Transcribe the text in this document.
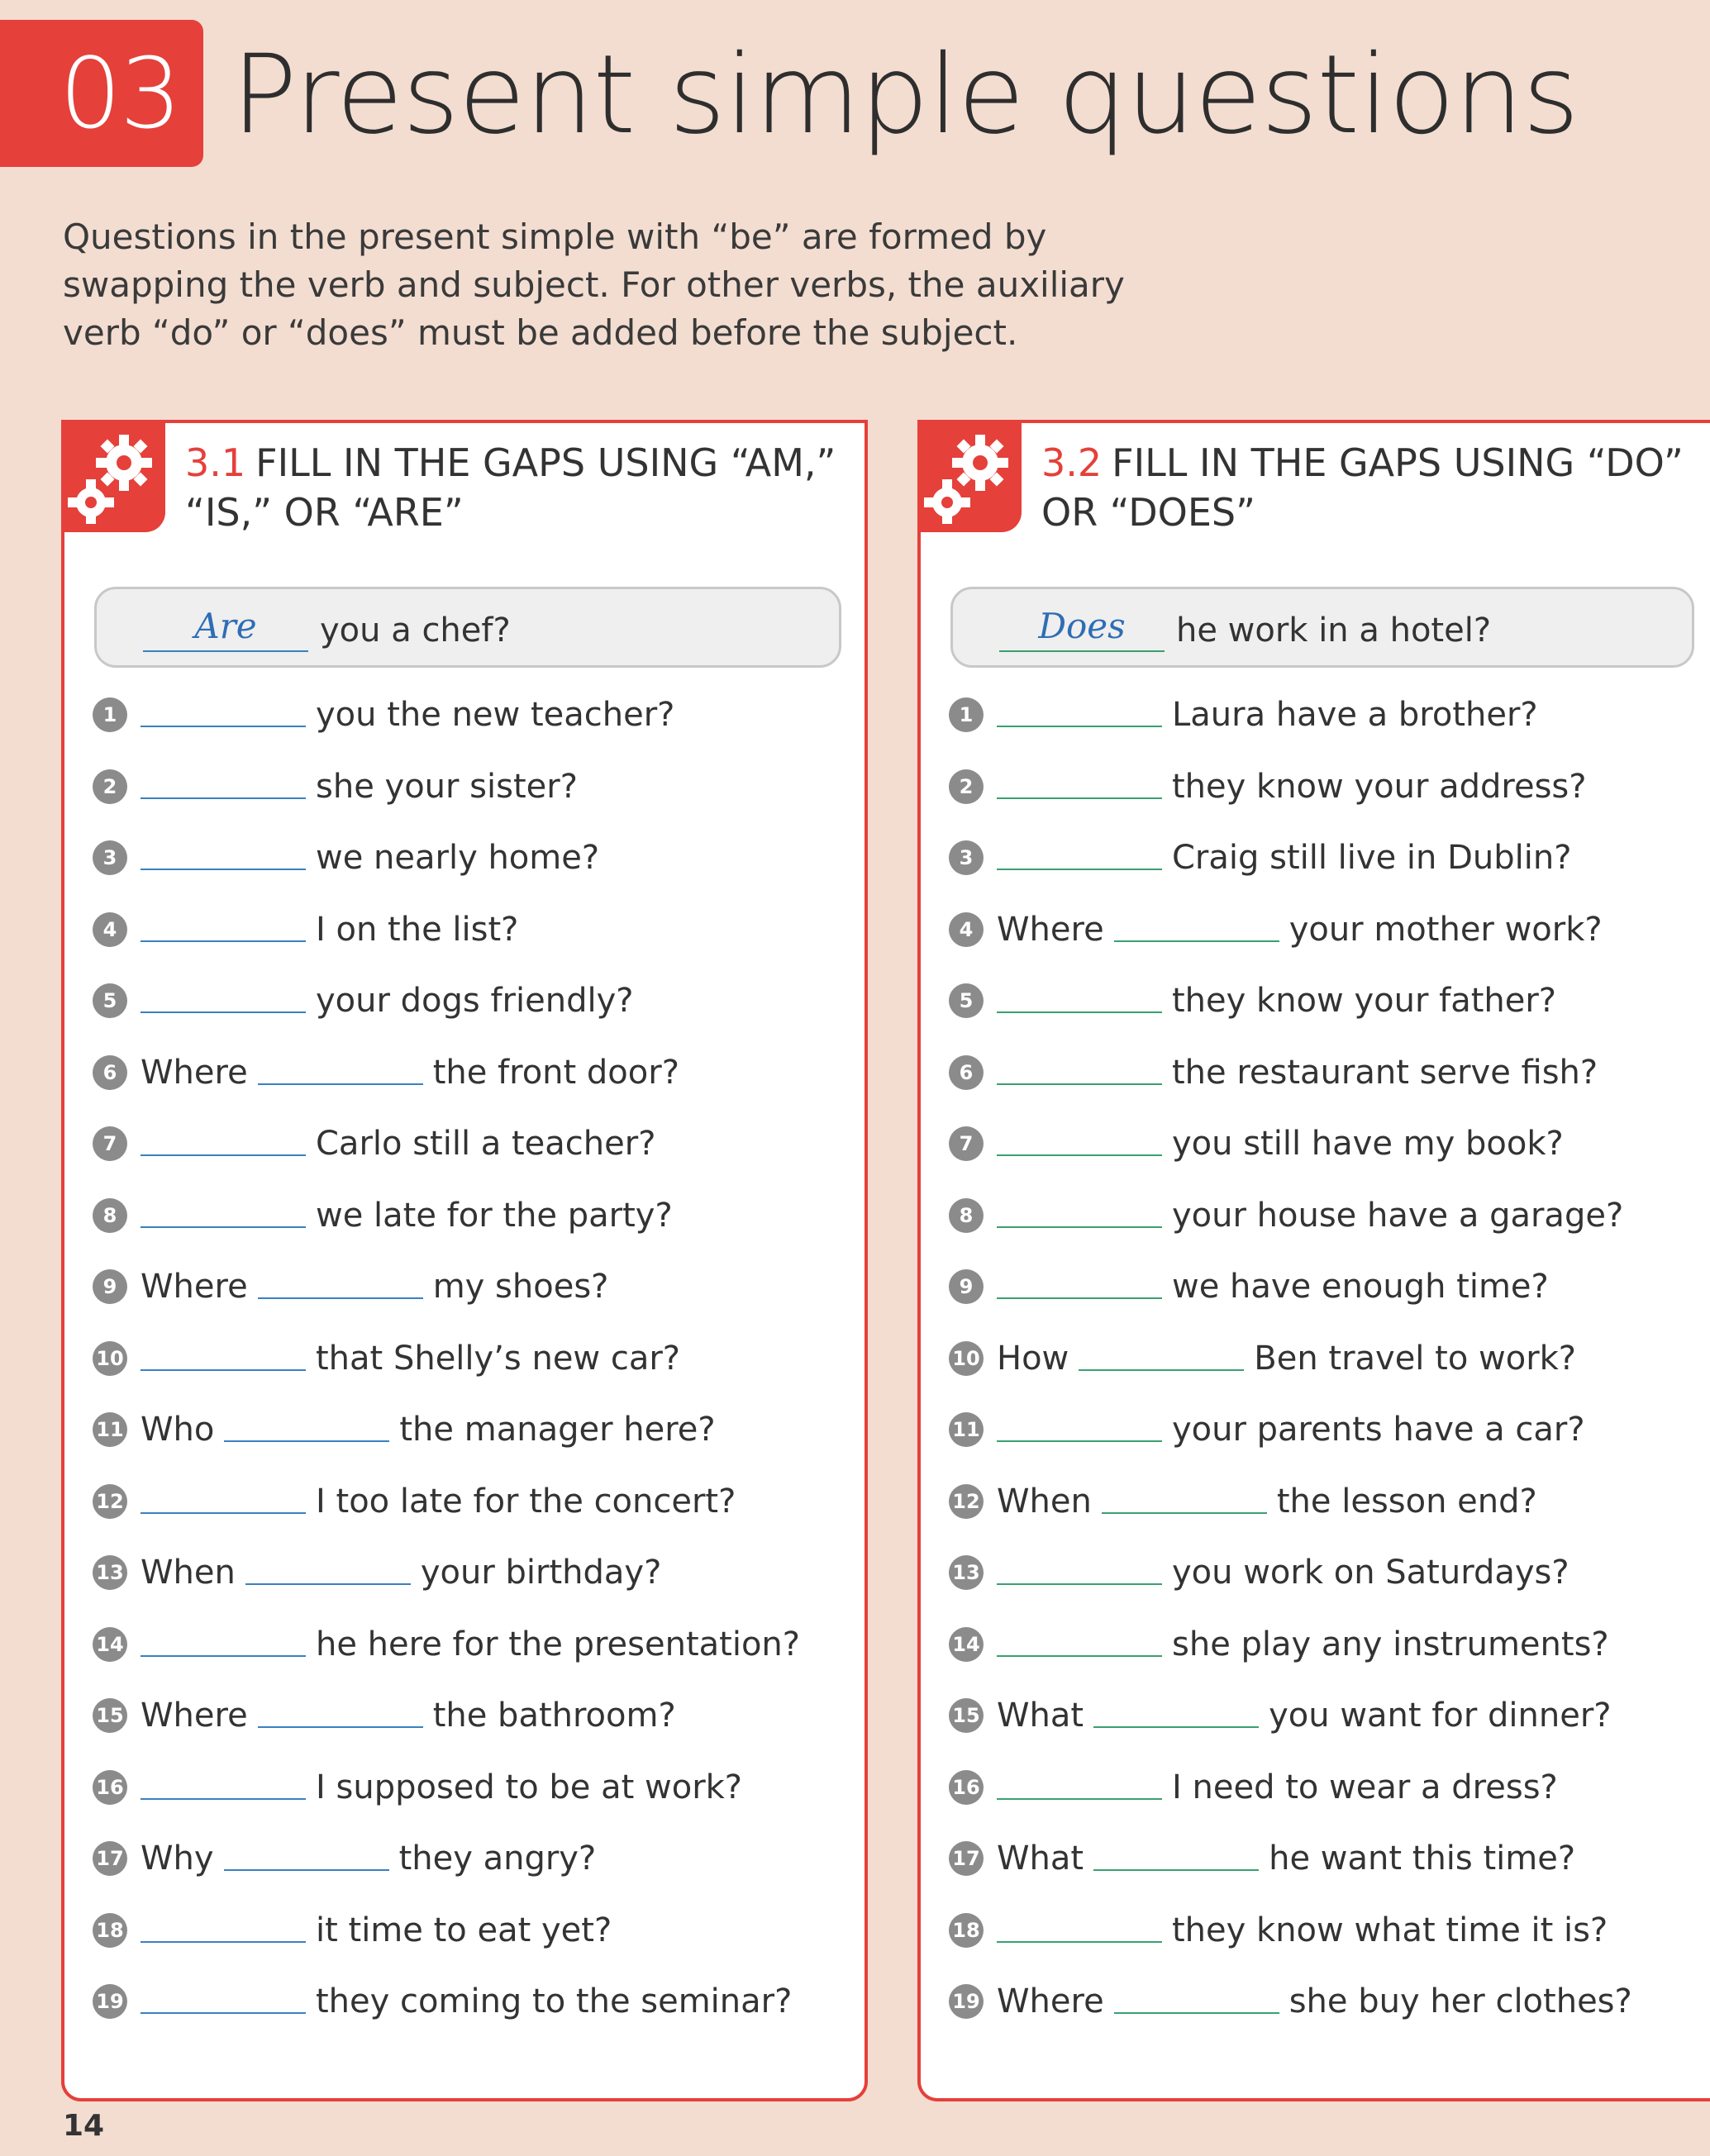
03 Present simple questions
Questions in the present simple with “be” are formed by swapping the verb and subject. For other verbs, the auxiliary verb “do” or “does” must be added before the subject.
3.1 FILL IN THE GAPS USING “AM,”
“IS,” OR “ARE”
Are	you a chef?
1	you the new teacher?
2	she your sister?
3	we nearly home?
4	I on the list?
5	your dogs friendly?
6 Where	the front door?
7	Carlo still a teacher?
8	we late for the party?
9 Where	my shoes?
10	that Shelly’s new car?
11 Who	the manager here?
12	I too late for the concert?
13 When	your birthday?
14	he here for the presentation?
15 Where	the bathroom?
16	I supposed to be at work?
17 Why	they angry?
18	it time to eat yet?
19	they coming to the seminar?
3.2 FILL IN THE GAPS USING “DO”
OR “DOES”
Does	he work in a hotel?
1	Laura have a brother?
2	they know your address?
3	Craig still live in Dublin?
4 Where	your mother work?
5	they know your father?
6	the restaurant serve fish?
7	you still have my book?
8	your house have a garage?
9	we have enough time?
10 How	Ben travel to work?
11	your parents have a car?
12 When	the lesson end?
13	you work on Saturdays?
14	she play any instruments?
15 What	you want for dinner?
16	I need to wear a dress?
17 What	he want this time?
18	they know what time it is?
19 Where	she buy her clothes?
14
